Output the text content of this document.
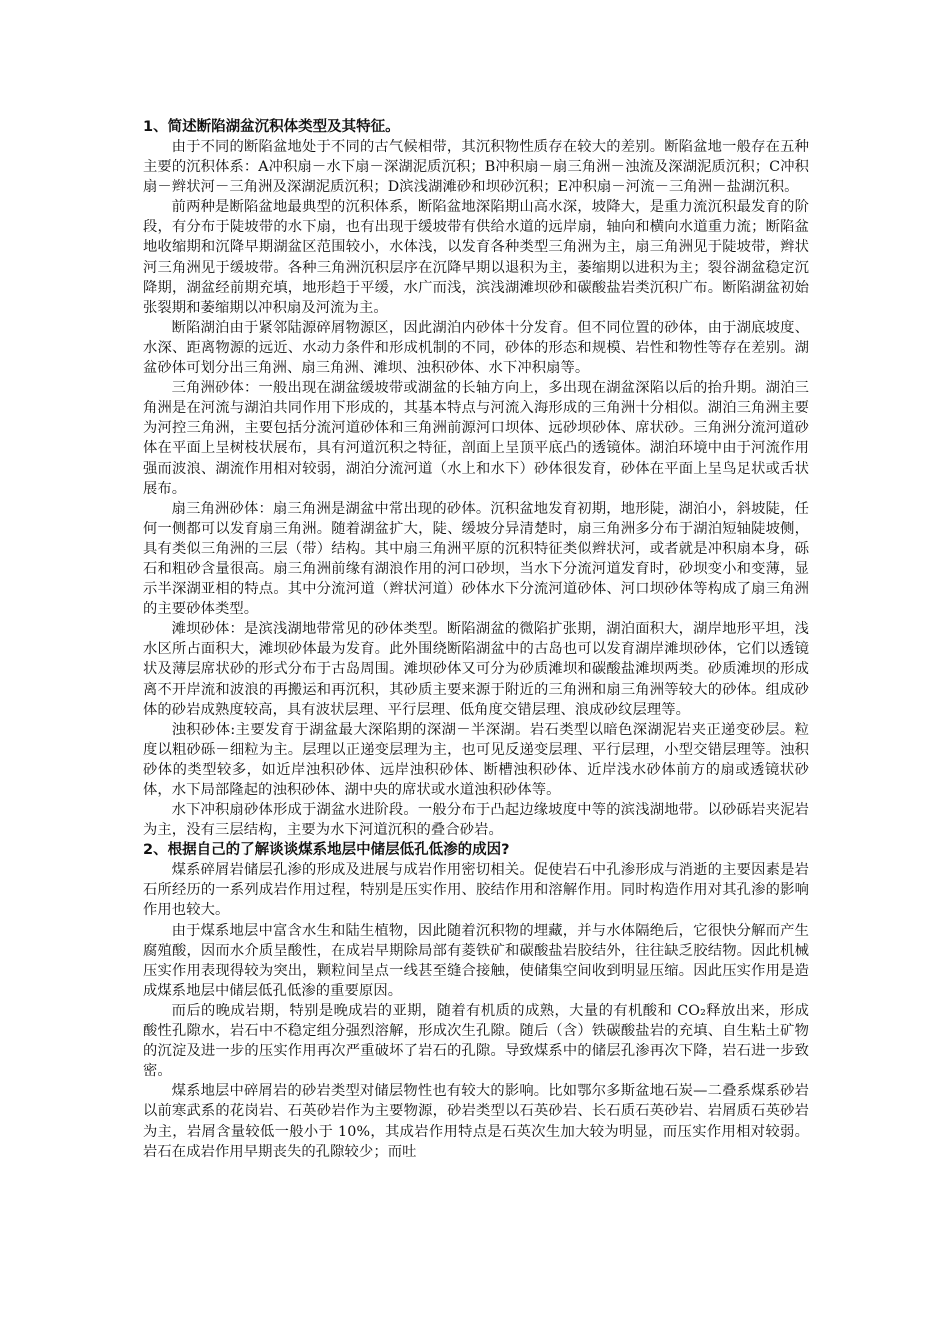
1、简述断陷湖盆沉积体类型及其特征。

由于不同的断陷盆地处于不同的古气候相带，其沉积物性质存在较大的差别。断陷盆地一般存在五种主要的沉积体系：A冲积扇－水下扇－深湖泥质沉积；B冲积扇－扇三角洲－浊流及深湖泥质沉积；C冲积扇－辫状河－三角洲及深湖泥质沉积；D滨浅湖滩砂和坝砂沉积；E冲积扇－河流－三角洲－盐湖沉积。

前两种是断陷盆地最典型的沉积体系，断陷盆地深陷期山高水深，坡降大，是重力流沉积最发育的阶段，有分布于陡坡带的水下扇，也有出现于缓坡带有供给水道的远岸扇，轴向和横向水道重力流；断陷盆地收缩期和沉降早期湖盆区范围较小，水体浅，以发育各种类型三角洲为主，扇三角洲见于陡坡带，辫状河三角洲见于缓坡带。各种三角洲沉积层序在沉降早期以退积为主，萎缩期以进积为主；裂谷湖盆稳定沉降期，湖盆经前期充填，地形趋于平缓，水广而浅，滨浅湖滩坝砂和碳酸盐岩类沉积广布。断陷湖盆初始张裂期和萎缩期以冲积扇及河流为主。

断陷湖泊由于紧邻陆源碎屑物源区，因此湖泊内砂体十分发育。但不同位置的砂体，由于湖底坡度、水深、距离物源的远近、水动力条件和形成机制的不同，砂体的形态和规模、岩性和物性等存在差别。湖盆砂体可划分出三角洲、扇三角洲、滩坝、浊积砂体、水下冲积扇等。

三角洲砂体：一般出现在湖盆缓坡带或湖盆的长轴方向上，多出现在湖盆深陷以后的抬升期。湖泊三角洲是在河流与湖泊共同作用下形成的，其基本特点与河流入海形成的三角洲十分相似。湖泊三角洲主要为河控三角洲，主要包括分流河道砂体和三角洲前源河口坝体、远砂坝砂体、席状砂。三角洲分流河道砂体在平面上呈树枝状展布，具有河道沉积之特征，剖面上呈顶平底凸的透镜体。湖泊环境中由于河流作用强而波浪、湖流作用相对较弱，湖泊分流河道（水上和水下）砂体很发育，砂体在平面上呈鸟足状或舌状展布。

扇三角洲砂体：扇三角洲是湖盆中常出现的砂体。沉积盆地发育初期，地形陡，湖泊小，斜坡陡，任何一侧都可以发育扇三角洲。随着湖盆扩大，陡、缓坡分异清楚时，扇三角洲多分布于湖泊短轴陡坡侧，具有类似三角洲的三层（带）结构。其中扇三角洲平原的沉积特征类似辫状河，或者就是冲积扇本身，砾石和粗砂含量很高。扇三角洲前缘有湖浪作用的河口砂坝，当水下分流河道发育时，砂坝变小和变薄，显示半深湖亚相的特点。其中分流河道（辫状河道）砂体水下分流河道砂体、河口坝砂体等构成了扇三角洲的主要砂体类型。

滩坝砂体：是滨浅湖地带常见的砂体类型。断陷湖盆的微陷扩张期，湖泊面积大，湖岸地形平坦，浅水区所占面积大，滩坝砂体最为发育。此外围绕断陷湖盆中的古岛也可以发育湖岸滩坝砂体，它们以透镜状及薄层席状砂的形式分布于古岛周围。滩坝砂体又可分为砂质滩坝和碳酸盐滩坝两类。砂质滩坝的形成离不开岸流和波浪的再搬运和再沉积，其砂质主要来源于附近的三角洲和扇三角洲等较大的砂体。组成砂体的砂岩成熟度较高，具有波状层理、平行层理、低角度交错层理、浪成砂纹层理等。

浊积砂体:主要发育于湖盆最大深陷期的深湖－半深湖。岩石类型以暗色深湖泥岩夹正递变砂层。粒度以粗砂砾－细粒为主。层理以正递变层理为主，也可见反递变层理、平行层理，小型交错层理等。浊积砂体的类型较多，如近岸浊积砂体、远岸浊积砂体、断槽浊积砂体、近岸浅水砂体前方的扇或透镜状砂体，水下局部隆起的浊积砂体、湖中央的席状或水道浊积砂体等。

水下冲积扇砂体形成于湖盆水进阶段。一般分布于凸起边缘坡度中等的滨浅湖地带。以砂砾岩夹泥岩为主，没有三层结构，主要为水下河道沉积的叠合砂岩。

2、根据自己的了解谈谈煤系地层中储层低孔低渗的成因?

煤系碎屑岩储层孔渗的形成及进展与成岩作用密切相关。促使岩石中孔渗形成与消逝的主要因素是岩石所经历的一系列成岩作用过程，特别是压实作用、胶结作用和溶解作用。同时构造作用对其孔渗的影响作用也较大。

由于煤系地层中富含水生和陆生植物，因此随着沉积物的埋藏，并与水体隔绝后，它很快分解而产生腐殖酸，因而水介质呈酸性，在成岩早期除局部有菱铁矿和碳酸盐岩胶结外，往往缺乏胶结物。因此机械压实作用表现得较为突出，颗粒间呈点一线甚至缝合接触，使储集空间收到明显压缩。因此压实作用是造成煤系地层中储层低孔低渗的重要原因。

而后的晚成岩期，特别是晚成岩的亚期，随着有机质的成熟，大量的有机酸和 CO₂释放出来，形成酸性孔隙水，岩石中不稳定组分强烈溶解，形成次生孔隙。随后（含）铁碳酸盐岩的充填、自生粘土矿物的沉淀及进一步的压实作用再次严重破坏了岩石的孔隙。导致煤系中的储层孔渗再次下降，岩石进一步致密。

煤系地层中碎屑岩的砂岩类型对储层物性也有较大的影响。比如鄂尔多斯盆地石炭—二叠系煤系砂岩以前寒武系的花岗岩、石英砂岩作为主要物源，砂岩类型以石英砂岩、长石质石英砂岩、岩屑质石英砂岩为主，岩屑含量较低一般小于 10%，其成岩作用特点是石英次生加大较为明显，而压实作用相对较弱。岩石在成岩作用早期丧失的孔隙较少；而吐
